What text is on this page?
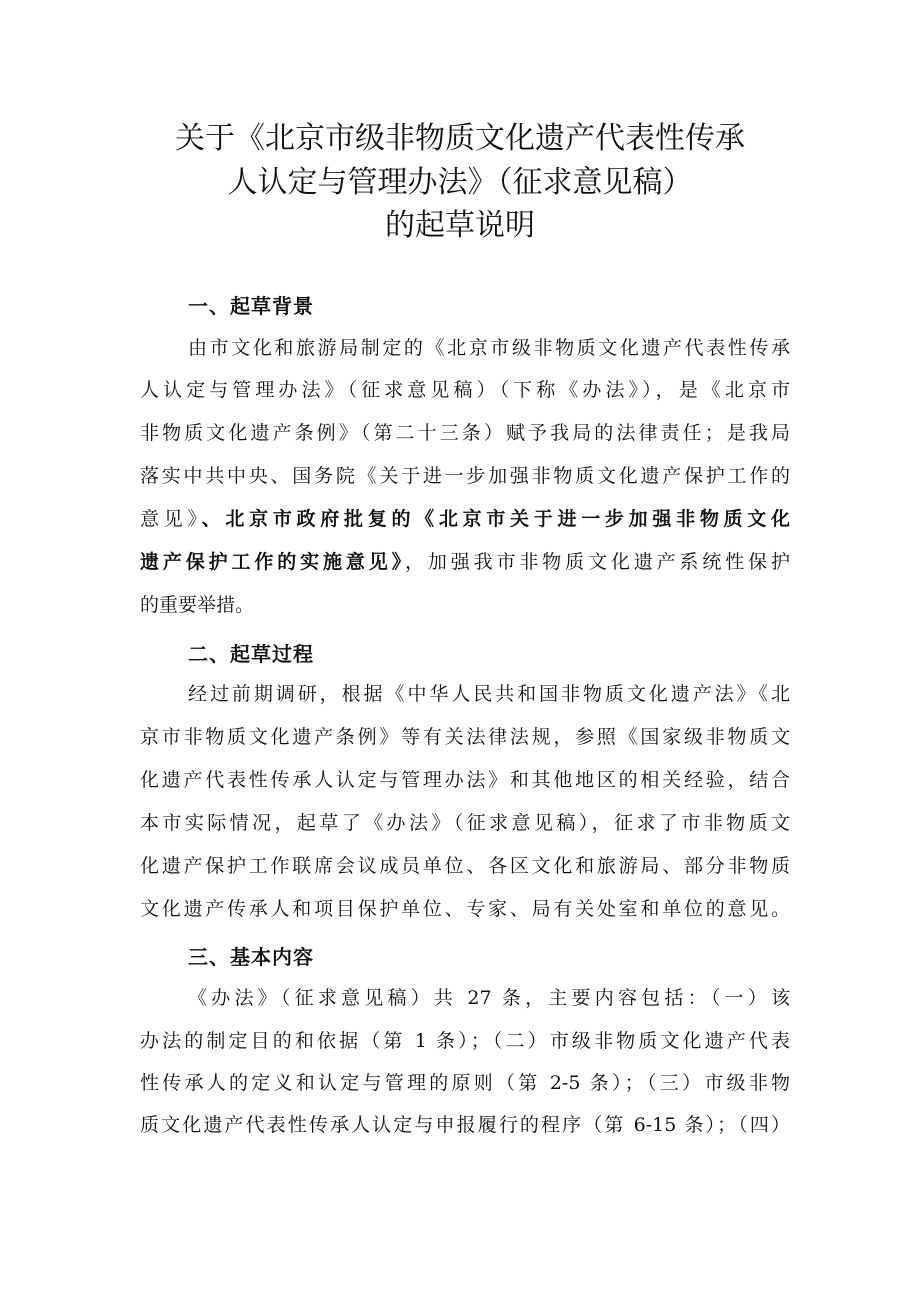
关于《北京市级非物质文化遗产代表性传承
人认定与管理办法》（征求意见稿）
的起草说明
一、起草背景
由市文化和旅游局制定的《北京市级非物质文化遗产代表性传承
人认定与管理办法》（征求意见稿）（下称《办法》），是《北京市
非物质文化遗产条例》（第二十三条）赋予我局的法律责任；是我局
落实中共中央、国务院《关于进一步加强非物质文化遗产保护工作的
意见》、北京市政府批复的《北京市关于进一步加强非物质文化
遗产保护工作的实施意见》，加强我市非物质文化遗产系统性保护
的重要举措。
二、起草过程
经过前期调研，根据《中华人民共和国非物质文化遗产法》《北
京市非物质文化遗产条例》等有关法律法规，参照《国家级非物质文
化遗产代表性传承人认定与管理办法》和其他地区的相关经验，结合
本市实际情况，起草了《办法》（征求意见稿），征求了市非物质文
化遗产保护工作联席会议成员单位、各区文化和旅游局、部分非物质
文化遗产传承人和项目保护单位、专家、局有关处室和单位的意见。
三、基本内容
《办法》（征求意见稿）共 27 条，主要内容包括：（一）该
办法的制定目的和依据（第 1 条）；（二）市级非物质文化遗产代表
性传承人的定义和认定与管理的原则（第 2-5 条）；（三）市级非物
质文化遗产代表性传承人认定与申报履行的程序（第 6-15 条）；（四）
